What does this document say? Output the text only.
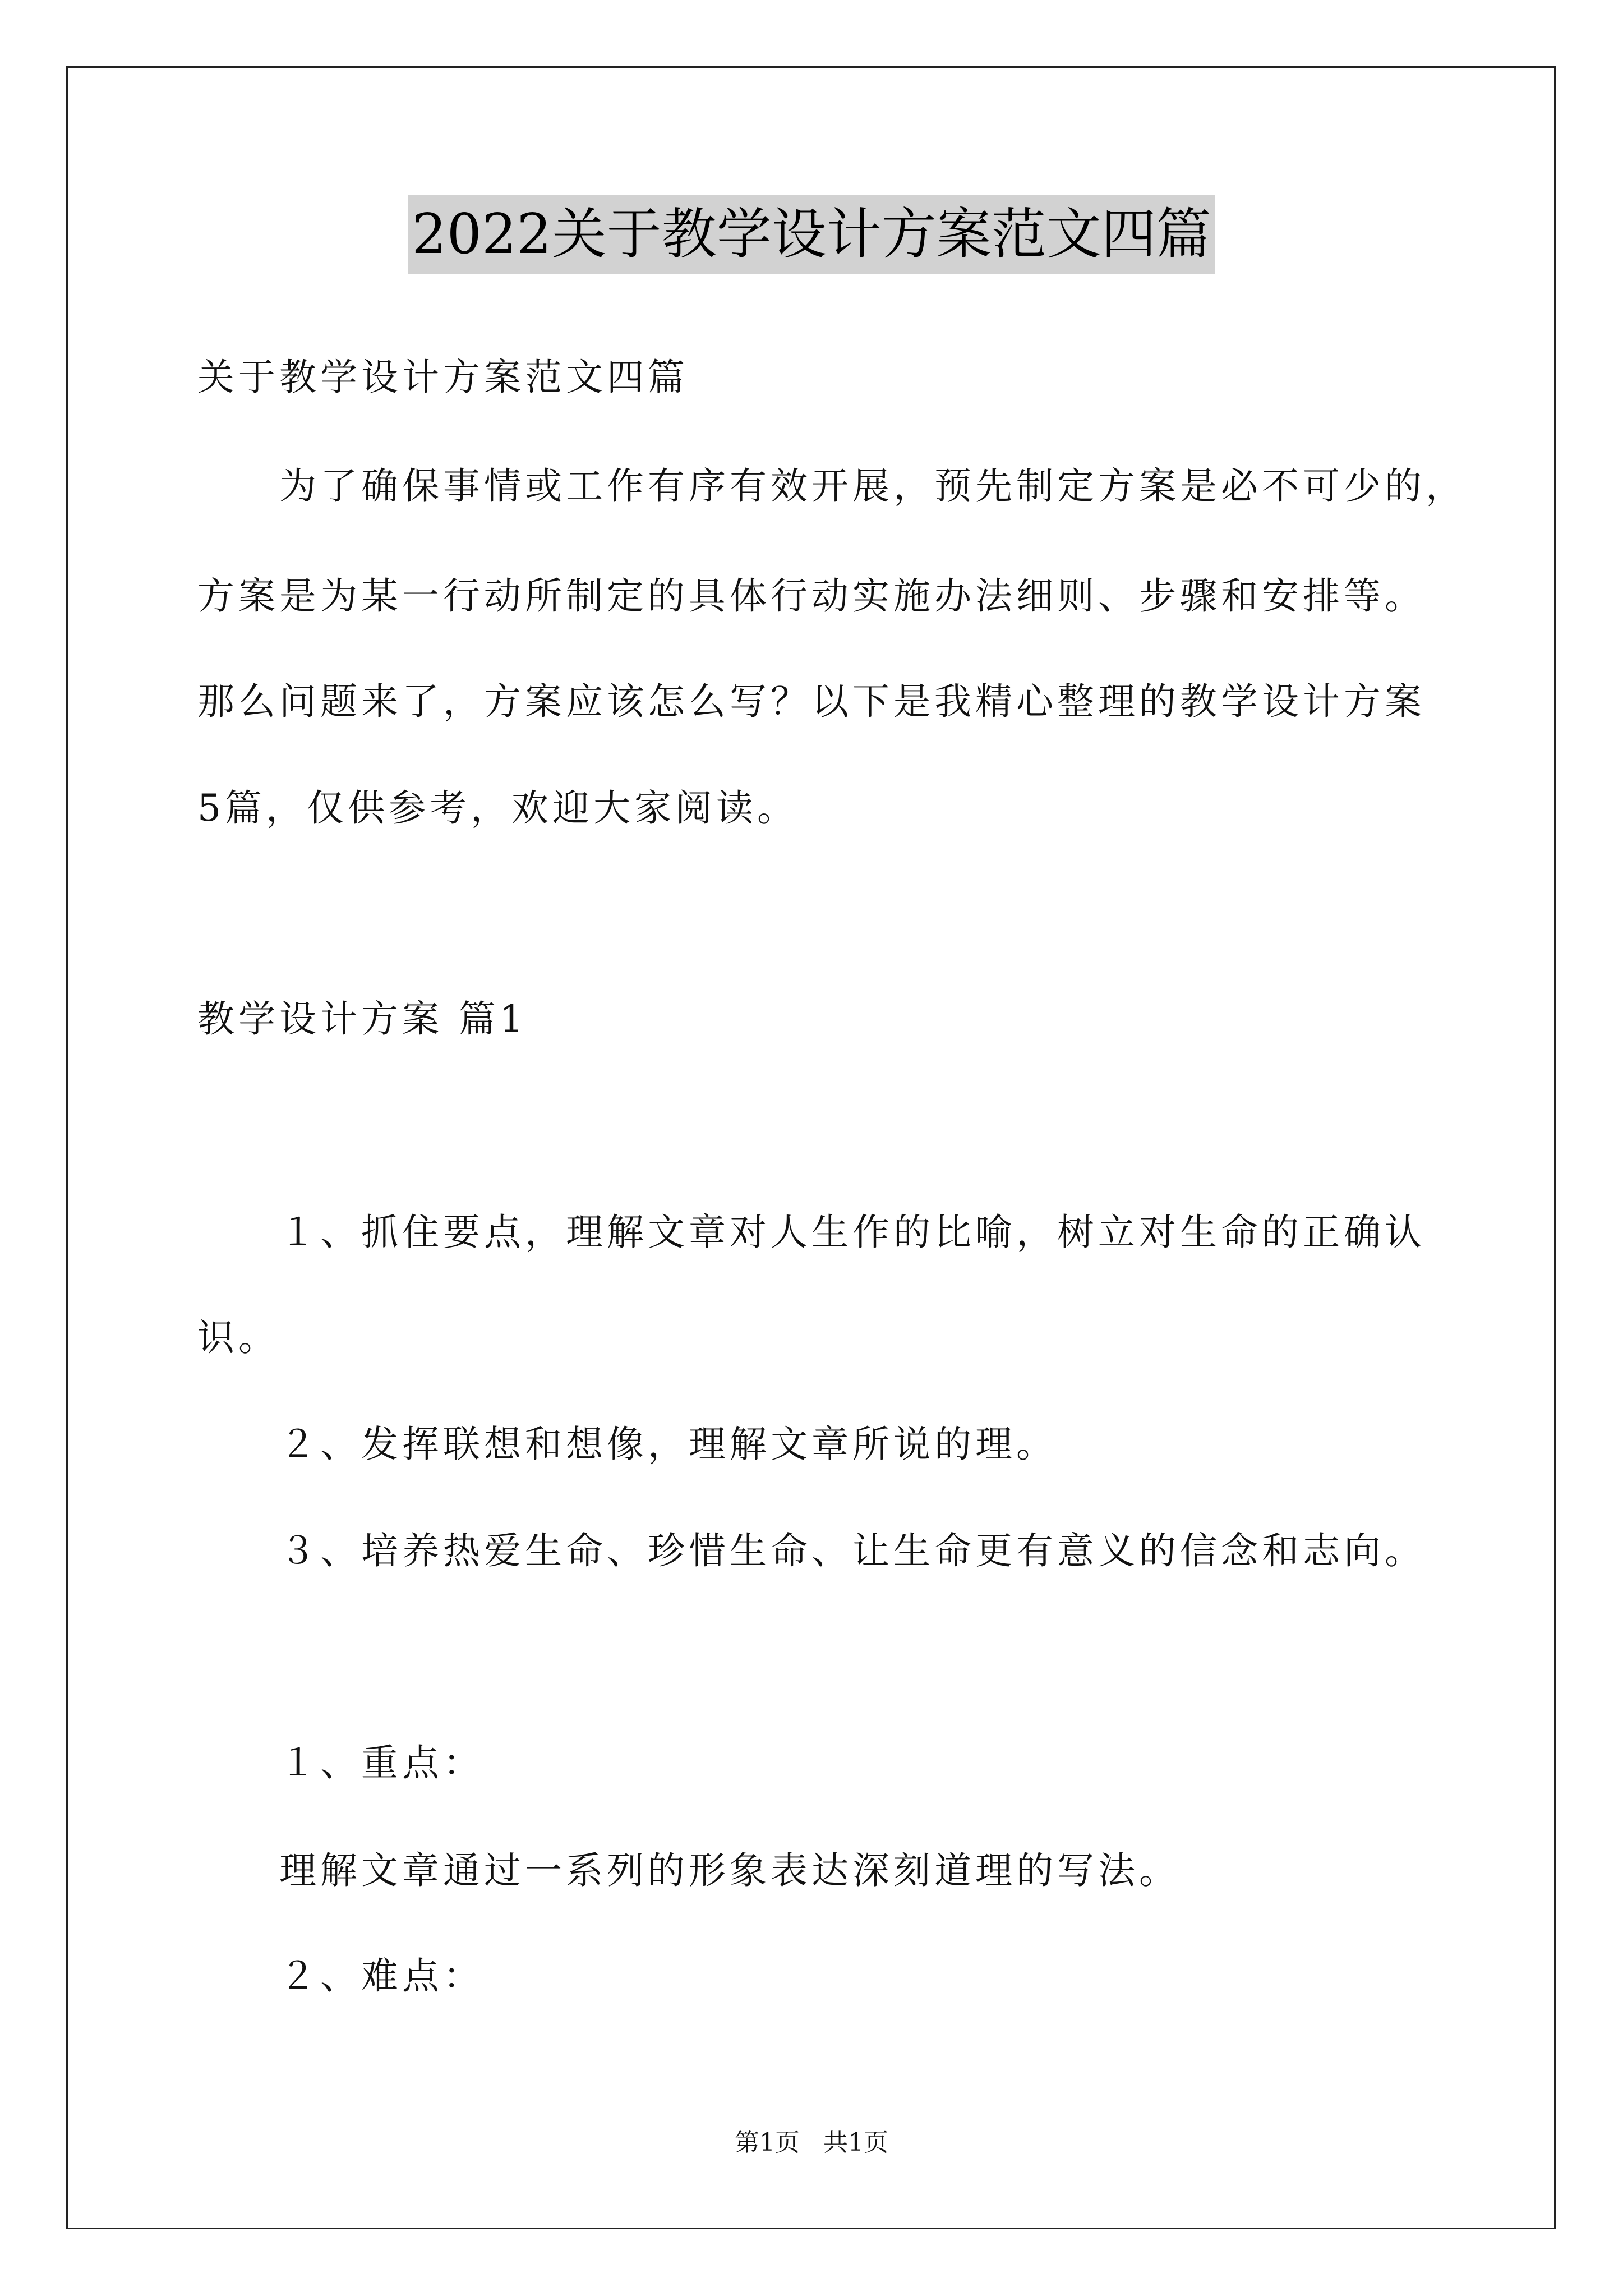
2022关于教学设计方案范文四篇
关于教学设计方案范文四篇
为了确保事情或工作有序有效开展，预先制定方案是必不可少的，
方案是为某一行动所制定的具体行动实施办法细则、步骤和安排等。
那么问题来了，方案应该怎么写？以下是我精心整理的教学设计方案
5篇，仅供参考，欢迎大家阅读。
教学设计方案 篇1
１、抓住要点，理解文章对人生作的比喻，树立对生命的正确认
识。
２、发挥联想和想像，理解文章所说的理。
３、培养热爱生命、珍惜生命、让生命更有意义的信念和志向。
１、重点：
理解文章通过一系列的形象表达深刻道理的写法。
２、难点：
第1页 共1页
